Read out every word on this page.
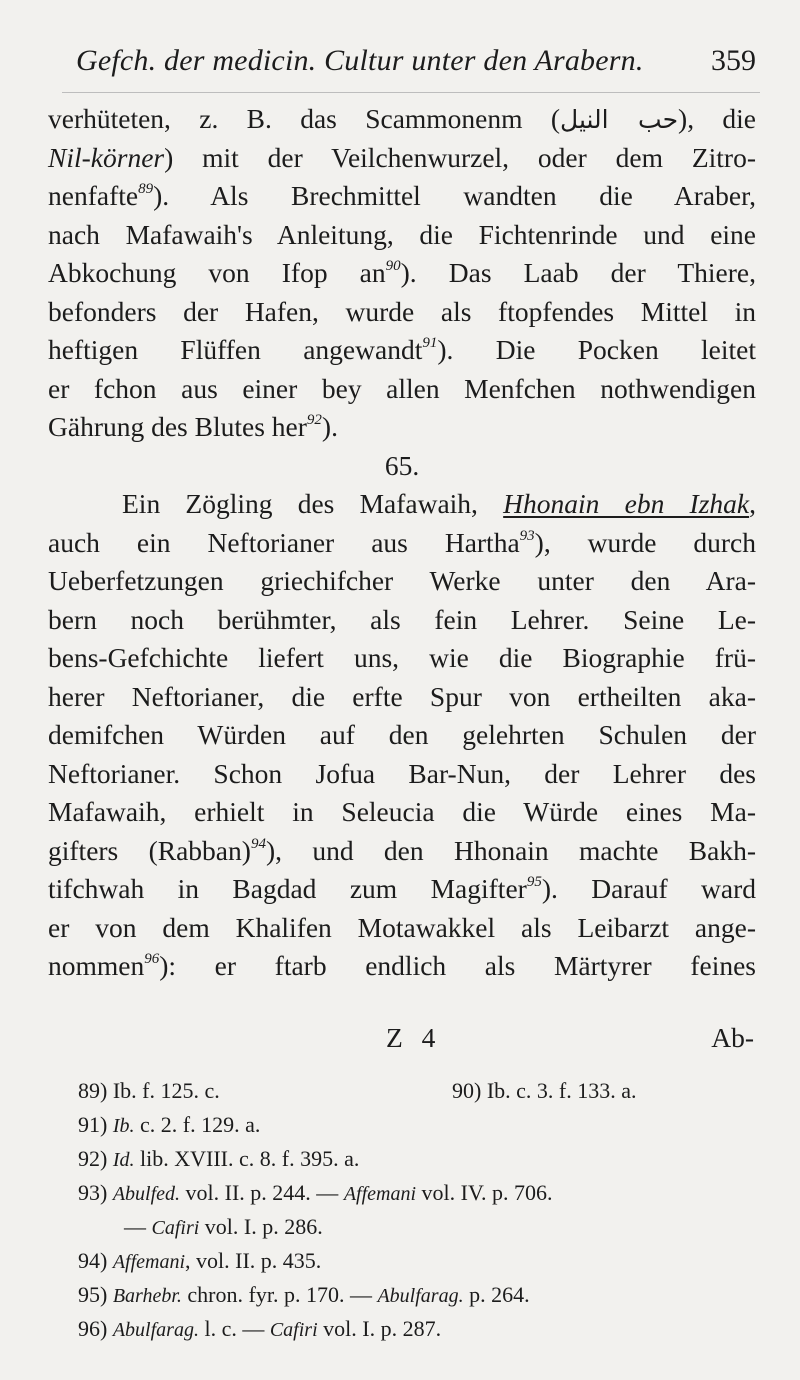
Gefch. der medicin. Cultur unter den Arabern. 359
verhüteten, z. B. das Scammonenm (حب النيل), die
Nil-körner) mit der Veilchenwurzel, oder dem Zitro-
nenfafte$^{89}$). Als Brechmittel wandten die Araber,
nach Mafawaih's Anleitung, die Fichtenrinde und eine
Abkochung von Ifop $an^{90}$). Das Laab der Thiere,
befonders der Hafen, wurde als ftopfendes Mittel in
heftigen Flüffen angewandt$^{91}$). Die Pocken leitet
er fchon aus einer bey allen Menfchen nothwendigen
Gährung des Blutes her$^{92}$).
65.
Ein Zögling des Mafawaih, Hhonain ebn Izhak,
auch ein Neftorianer aus Hartha$^{93}$), wurde durch
Ueberfetzungen griechifcher Werke unter den Ara-
bern noch berühmter, als fein Lehrer. Seine Le-
bens-Gefchichte liefert uns, wie die Biographie frü-
herer Neftorianer, die erfte Spur von ertheilten aka-
demifchen Würden auf den gelehrten Schulen der
Neftorianer. Schon Jofua Bar-Nun, der Lehrer des
Mafawaih, erhielt in Seleucia die Würde eines Ma-
gifters (Rabban)$^{94}$), und den Hhonain machte Bakh-
tifchwah in Bagdad zum Magifter$^{95}$). Darauf ward
er von dem Khalifen Motawakkel als Leibarzt ange-
nommen$^{96}$): er ftarb endlich als Märtyrer feines
Z 4	Ab-
89) Ib. f. 125. c.	90) Ib. c. 3. f. 133. a.
91) Ib. c. 2. f. 129. a.
92) Id. lib. XVIII. c. 8. f. 395. a.
93) Abulfed. vol. II. p. 244. — Affemani vol. IV. p. 706.
— Cafiri vol. I. p. 286.
94) Affemani, vol. II. p. 435.
95) Barhebr. chron. fyr. p. 170. — Abulfarag. p. 264.
96) Abulfarag. l. c. — Cafiri vol. I. p. 287.
